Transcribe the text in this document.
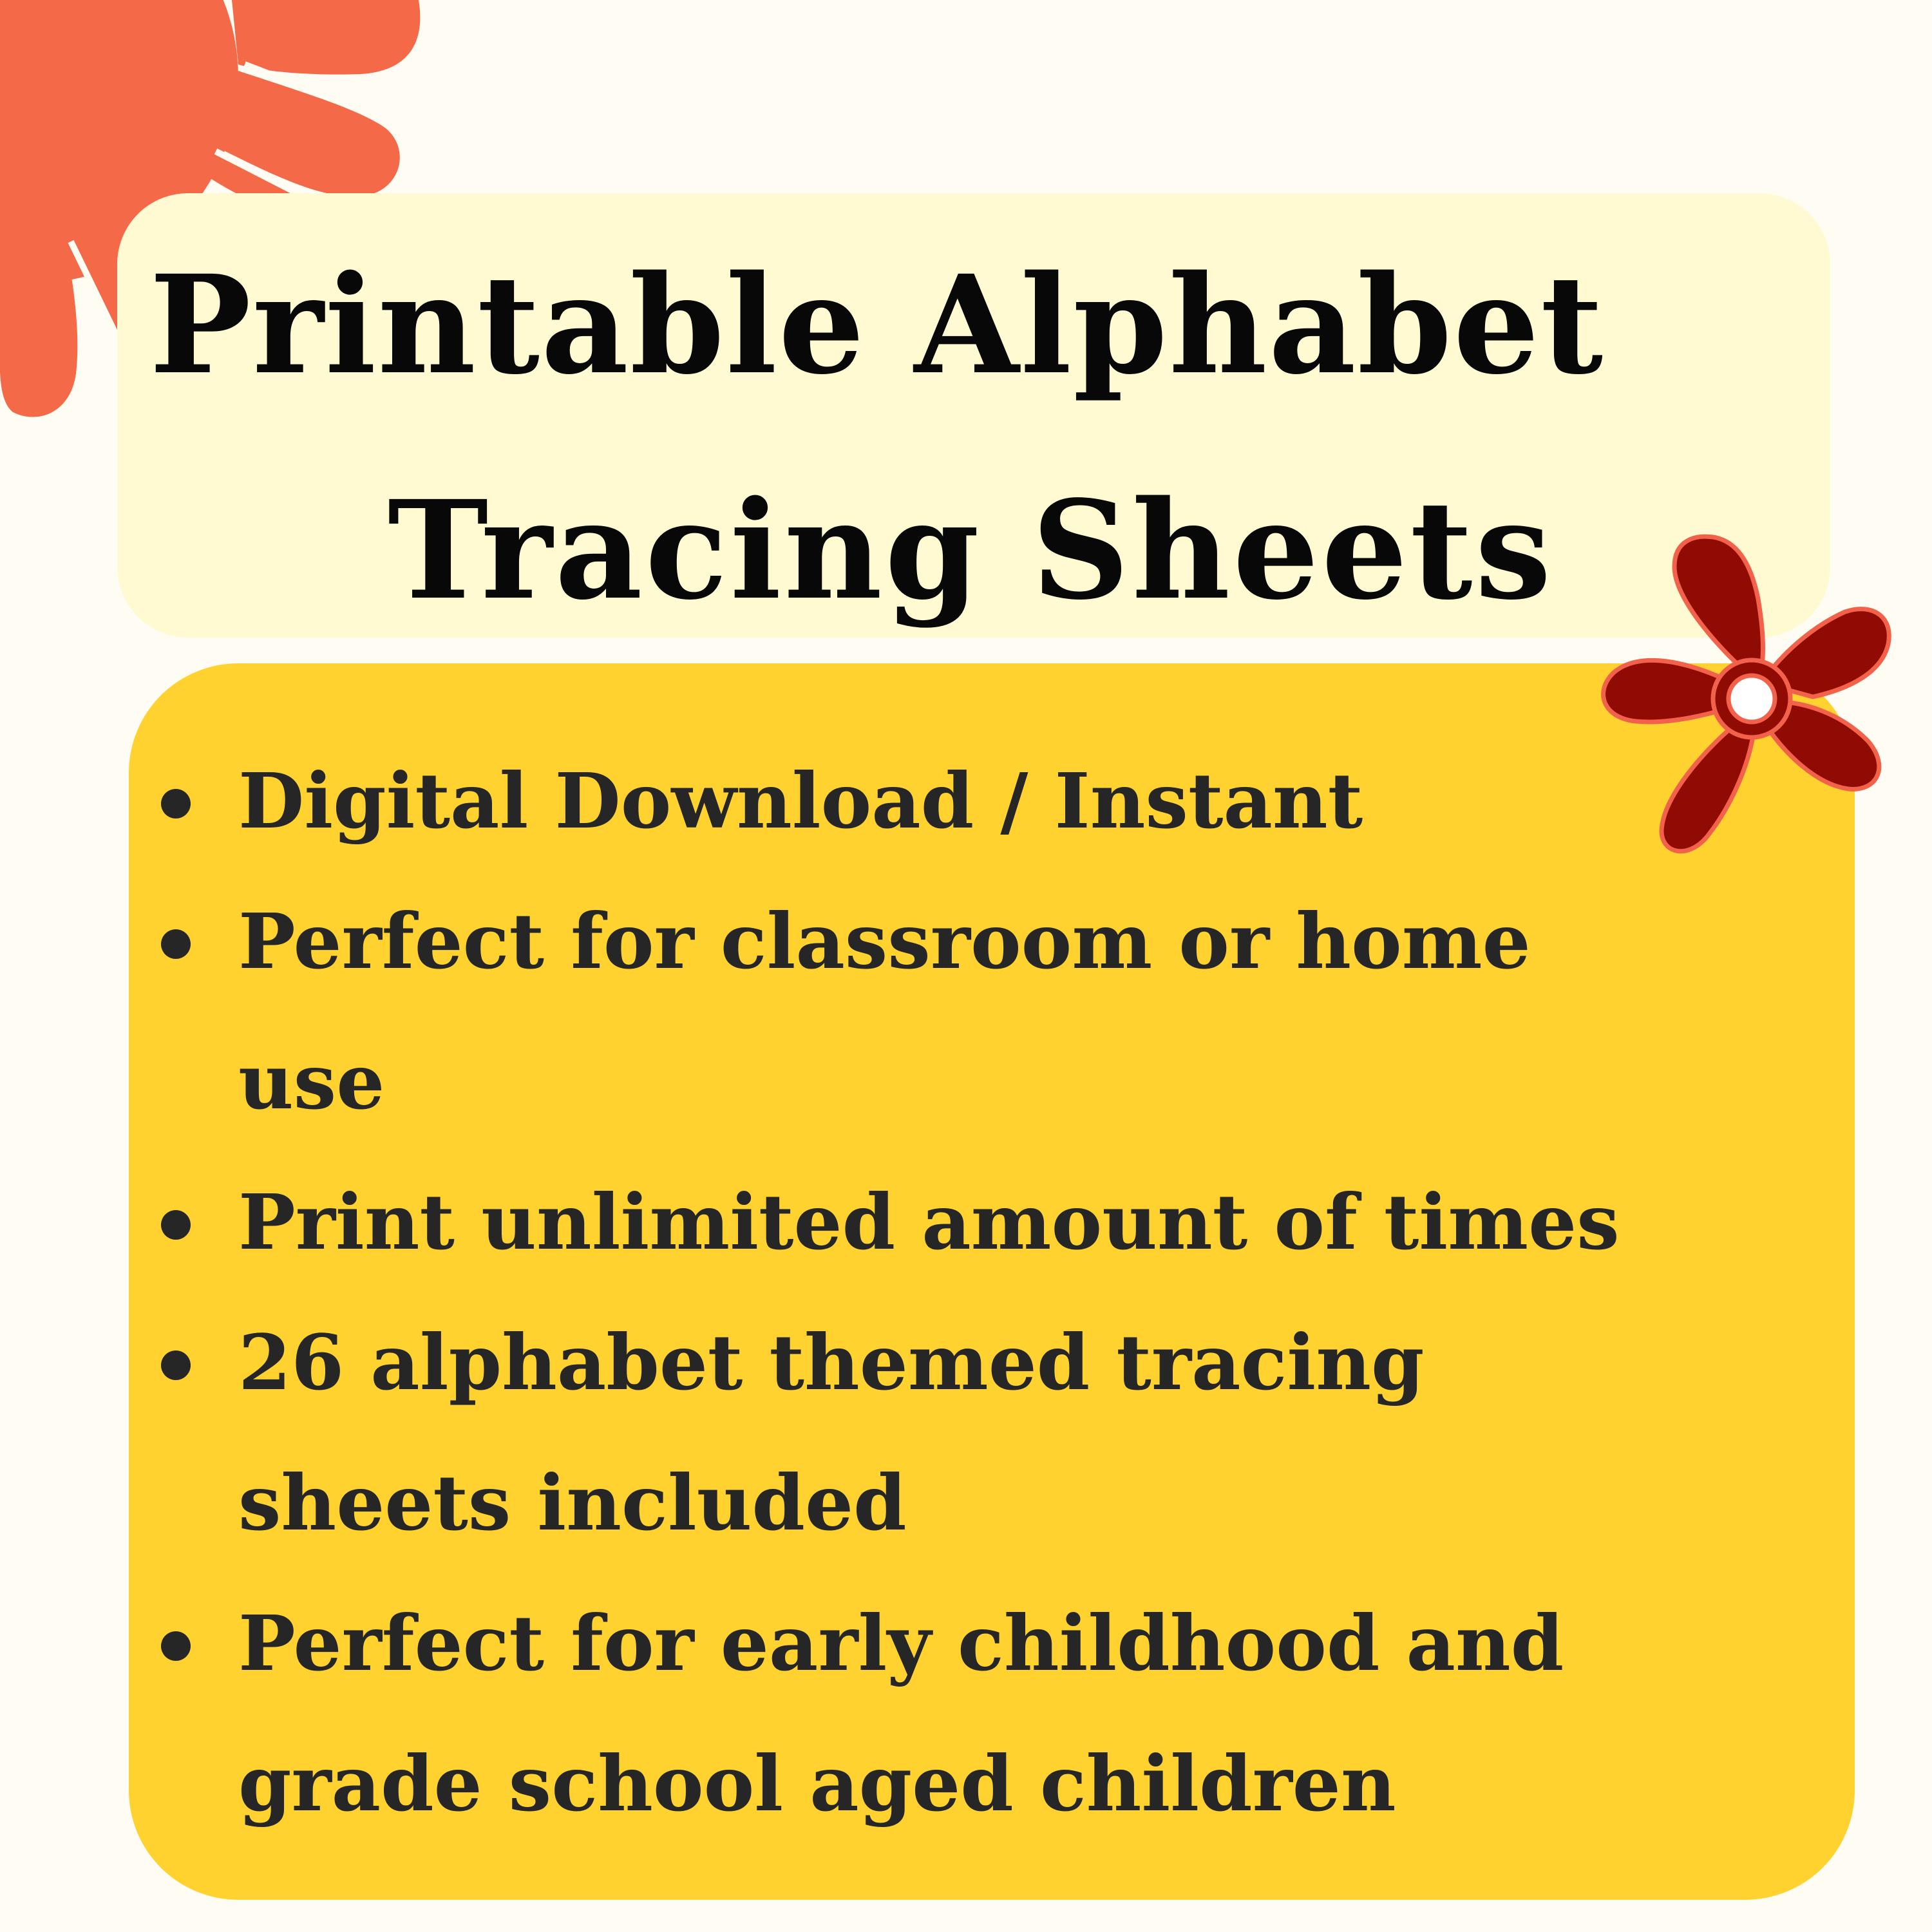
Printable Alphabet
Tracing Sheets
Digital Download / Instant
Perfect for classroom or home
use
Print unlimited amount of times
26 alphabet themed tracing
sheets included
Perfect for early childhood and
grade school aged children
